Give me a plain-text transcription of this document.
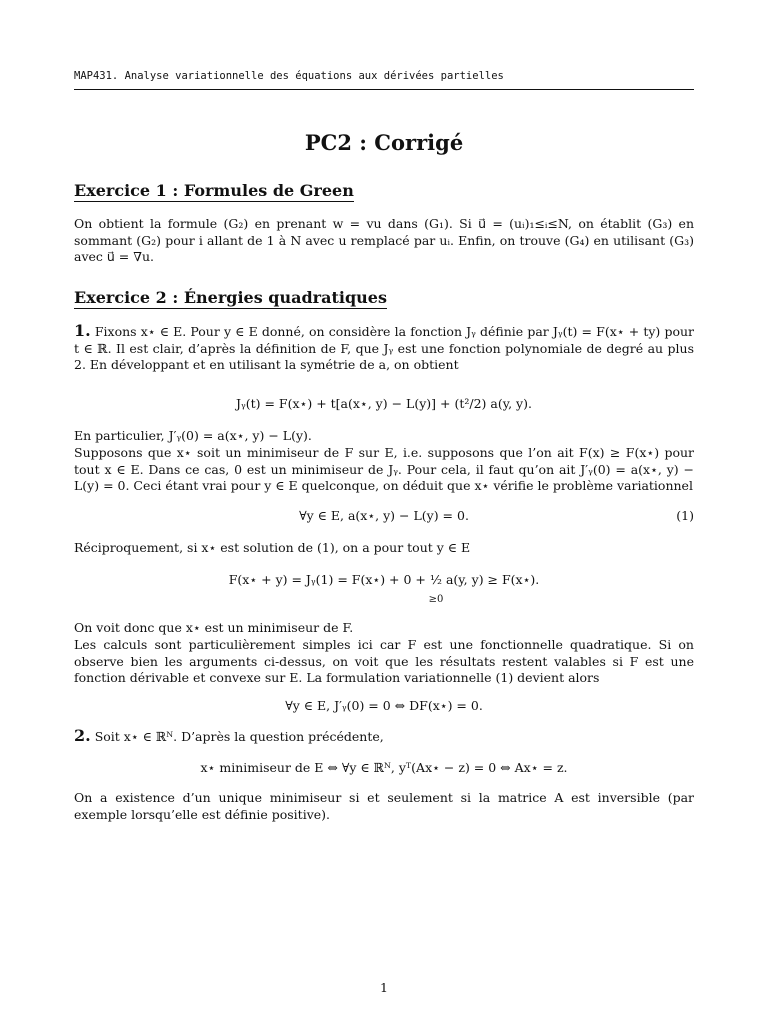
MAP431. Analyse variationnelle des équations aux dérivées partielles
PC2 : Corrigé
Exercice 1 : Formules de Green
On obtient la formule (G₂) en prenant w = vu dans (G₁). Si u⃗ = (uᵢ)₁≤ᵢ≤N, on établit (G₃) en sommant (G₂) pour i allant de 1 à N avec u remplacé par uᵢ. Enfin, on trouve (G₄) en utilisant (G₃) avec u⃗ = ∇u.
Exercice 2 : Énergies quadratiques
1. Fixons x⋆ ∈ E. Pour y ∈ E donné, on considère la fonction Jᵧ définie par Jᵧ(t) = F(x⋆ + ty) pour t ∈ ℝ. Il est clair, d’après la définition de F, que Jᵧ est une fonction polynomiale de degré au plus 2. En développant et en utilisant la symétrie de a, on obtient
Jᵧ(t) = F(x⋆) + t[a(x⋆, y) − L(y)] + (t²/2) a(y, y).
En particulier, J′ᵧ(0) = a(x⋆, y) − L(y).
Supposons que x⋆ soit un minimiseur de F sur E, i.e. supposons que l’on ait F(x) ≥ F(x⋆) pour tout x ∈ E. Dans ce cas, 0 est un minimiseur de Jᵧ. Pour cela, il faut qu’on ait J′ᵧ(0) = a(x⋆, y) − L(y) = 0. Ceci étant vrai pour y ∈ E quelconque, on déduit que x⋆ vérifie le problème variationnel
∀y ∈ E, a(x⋆, y) − L(y) = 0.	(1)
Réciproquement, si x⋆ est solution de (1), on a pour tout y ∈ E
F(x⋆ + y) = Jᵧ(1) = F(x⋆) + 0 + ½ a(y, y) ≥ F(x⋆).
≥0
On voit donc que x⋆ est un minimiseur de F.
Les calculs sont particulièrement simples ici car F est une fonctionnelle quadratique. Si on observe bien les arguments ci-dessus, on voit que les résultats restent valables si F est une fonction dérivable et convexe sur E. La formulation variationnelle (1) devient alors
∀y ∈ E, J′ᵧ(0) = 0 ⇔ DF(x⋆) = 0.
2. Soit x⋆ ∈ ℝᴺ. D’après la question précédente,
x⋆ minimiseur de E ⇔ ∀y ∈ ℝᴺ, yᵀ(Ax⋆ − z) = 0 ⇔ Ax⋆ = z.
On a existence d’un unique minimiseur si et seulement si la matrice A est inversible (par exemple lorsqu’elle est définie positive).
1
